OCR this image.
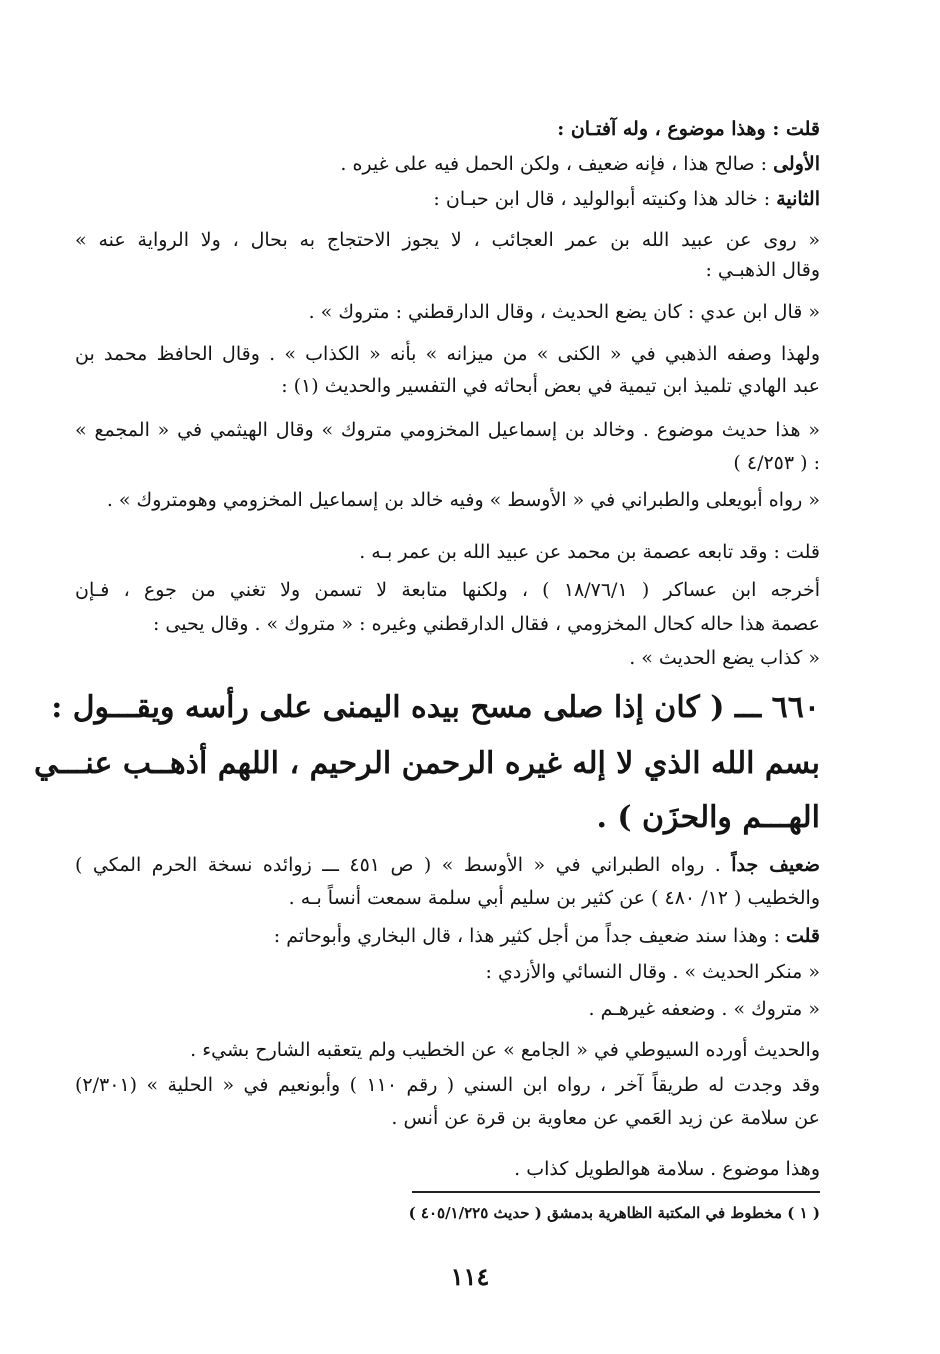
قلت : وهذا موضوع ، وله آفتـان :
الأولى : صالح هذا ، فإنه ضعيف ، ولكن الحمل فيه على غيره .
الثانية : خالد هذا وكنيته أبوالوليد ، قال ابن حبـان :
« روى عن عبيد الله بن عمر العجائب ، لا يجوز الاحتجاج به بحال ، ولا الرواية عنه »
وقال الذهبـي :
« قال ابن عدي : كان يضع الحديث ، وقال الدارقطني : متروك » .
ولهذا وصفه الذهبي في « الكنى » من ميزانه » بأنه « الكذاب » . وقال الحافظ محمد بن
عبد الهادي تلميذ ابن تيمية في بعض أبحاثه في التفسير والحديث (١) :
« هذا حديث موضوع . وخالد بن إسماعيل المخزومي متروك » وقال الهيثمي في « المجمع »
( ٤/٢٥٣ ) :
« رواه أبويعلى والطبراني في « الأوسط » وفيه خالد بن إسماعيل المخزومي وهومتروك » .
قلت : وقد تابعه عصمة بن محمد عن عبيد الله بن عمر بـه .
أخرجه ابن عساكر ( ١٨/٧٦/١ ) ، ولكنها متابعة لا تسمن ولا تغني من جوع ، فـإن
عصمة هذا حاله كحال المخزومي ، فقال الدارقطني وغيره : « متروك » . وقال يحيى :
« كذاب يضع الحديث » .
٦٦٠ ـــ ( كان إذا صلى مسح بيده اليمنى على رأسه ويقـــول :
بسم الله الذي لا إله غيره الرحمن الرحيم ، اللهم أذهــب عنـــي
الهـــم والحزَن ) .
ضعيف جداً . رواه الطبراني في « الأوسط » ( ص ٤٥١ ـــ زوائده نسخة الحرم المكي )
والخطيب ( ١٢/ ٤٨٠ ) عن كثير بن سليم أبي سلمة سمعت أنساً بـه .
قلت : وهذا سند ضعيف جداً من أجل كثير هذا ، قال البخاري وأبوحاتم :
« منكر الحديث » . وقال النسائي والأزدي :
« متروك » . وضعفه غيرهـم .
والحديث أورده السيوطي في « الجامع » عن الخطيب ولم يتعقبه الشارح بشيء .
وقد وجدت له طريقاً آخر ، رواه ابن السني ( رقم ١١٠ ) وأبونعيم في « الحلية » (٢/٣٠١)
عن سلامة عن زيد العَمي عن معاوية بن قرة عن أنس .
وهذا موضوع . سلامة هوالطويل كذاب .
( ١ ) مخطوط في المكتبة الظاهرية بدمشق ( حديث ٤٠٥/١/٢٢٥ )
١١٤
